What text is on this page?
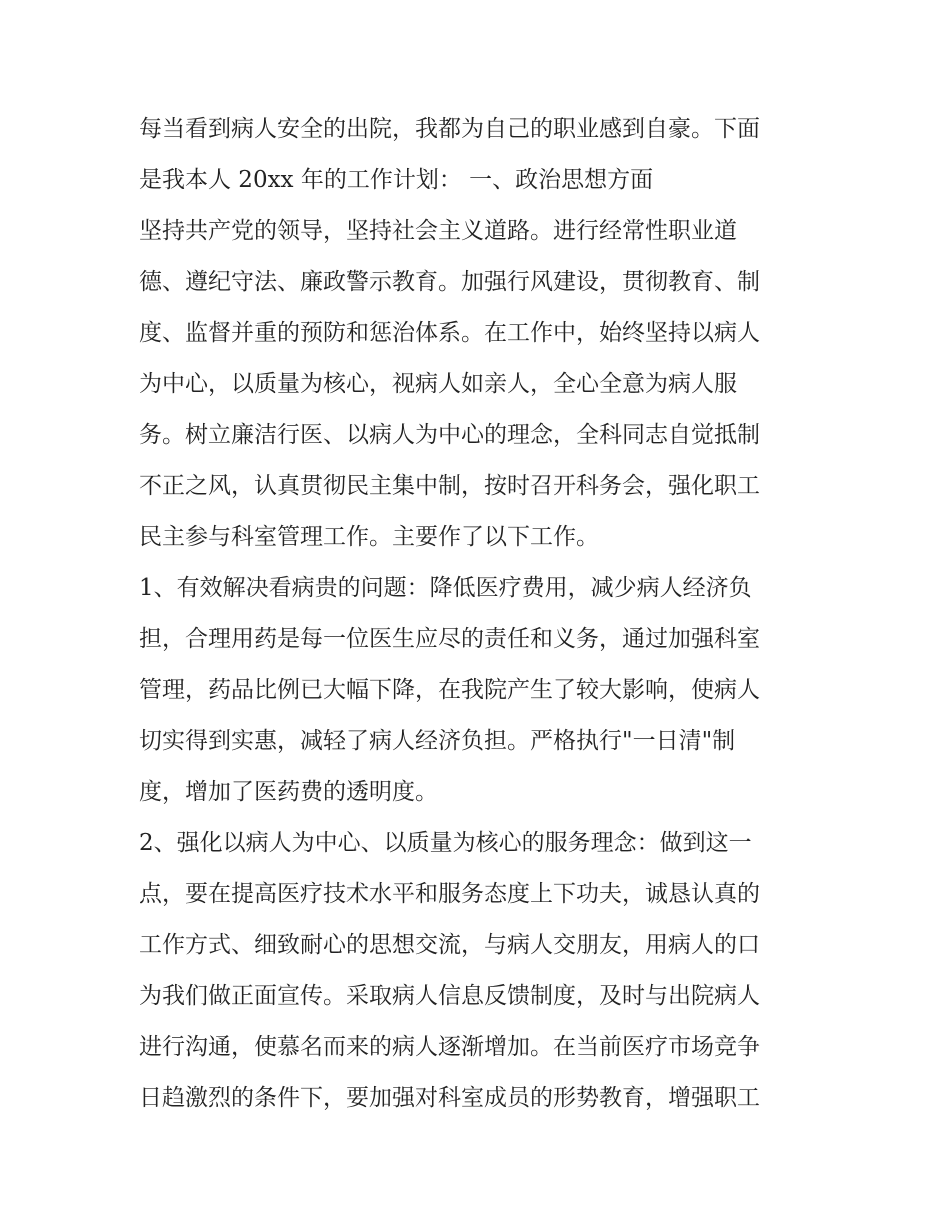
每当看到病人安全的出院，我都为自己的职业感到自豪。下面
是我本人 20xx 年的工作计划： 一、政治思想方面
坚持共产党的领导，坚持社会主义道路。进行经常性职业道
德、遵纪守法、廉政警示教育。加强行风建设，贯彻教育、制
度、监督并重的预防和惩治体系。在工作中，始终坚持以病人
为中心，以质量为核心，视病人如亲人，全心全意为病人服
务。树立廉洁行医、以病人为中心的理念，全科同志自觉抵制
不正之风，认真贯彻民主集中制，按时召开科务会，强化职工
民主参与科室管理工作。主要作了以下工作。
1、有效解决看病贵的问题：降低医疗费用，减少病人经济负
担，合理用药是每一位医生应尽的责任和义务，通过加强科室
管理，药品比例已大幅下降，在我院产生了较大影响，使病人
切实得到实惠，减轻了病人经济负担。严格执行"一日清"制
度，增加了医药费的透明度。
2、强化以病人为中心、以质量为核心的服务理念：做到这一
点，要在提高医疗技术水平和服务态度上下功夫，诚恳认真的
工作方式、细致耐心的思想交流，与病人交朋友，用病人的口
为我们做正面宣传。采取病人信息反馈制度，及时与出院病人
进行沟通，使慕名而来的病人逐渐增加。在当前医疗市场竞争
日趋激烈的条件下，要加强对科室成员的形势教育，增强职工
